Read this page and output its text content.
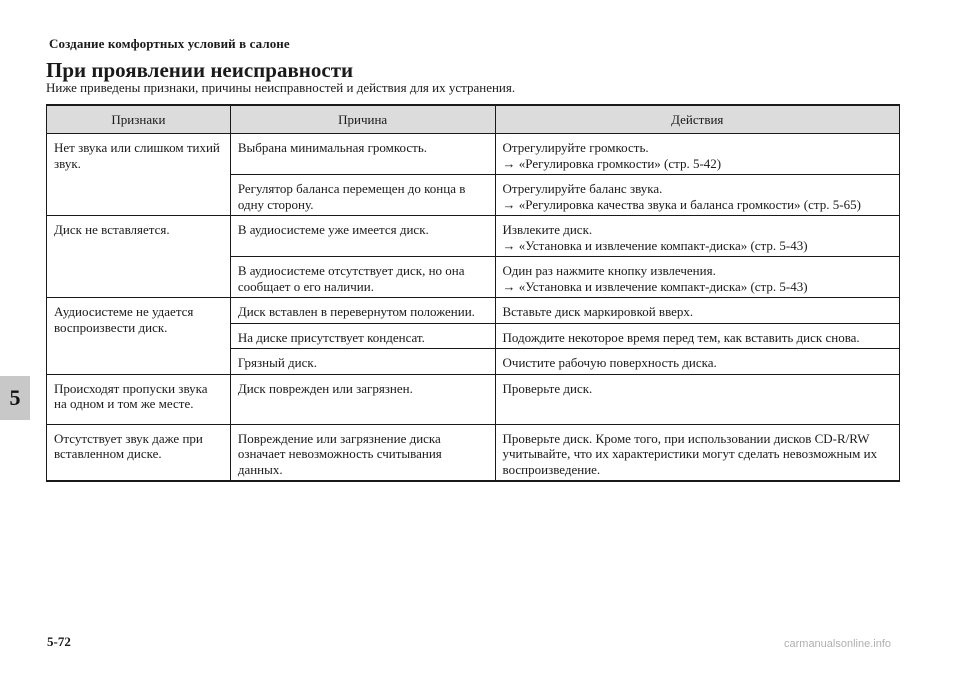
Создание комфортных условий в салоне
При проявлении неисправности

Ниже приведены признаки, причины неисправностей и действия для их устранения.

5
Признаки	Причина	Действия
Нет звука или слишком тихий звук.	Выбрана минимальная громкость.	Отрегулируйте громкость.
→ «Регулировка громкости» (стр. 5-42)

	Регулятор баланса перемещен до конца в одну сторону.	Отрегулируйте баланс звука.
→ «Регулировка качества звука и баланса громкости» (стр. 5-65)

Диск не вставляется.	В аудиосистеме уже имеется диск.	Извлеките диск.
→ «Установка и извлечение компакт-диска» (стр. 5-43)

	В аудиосистеме отсутствует диск, но она сообщает о его наличии.	Один раз нажмите кнопку извлечения.
→ «Установка и извлечение компакт-диска» (стр. 5-43)

Аудиосистеме не удается воспроизвести диск.	Диск вставлен в перевернутом положении.	Вставьте диск маркировкой вверх.
	На диске присутствует конденсат.	Подождите некоторое время перед тем, как вставить диск снова.
	Грязный диск.	Очистите рабочую поверхность диска.
Происходят пропуски звука на одном и том же месте.	Диск поврежден или загрязнен.	Проверьте диск.
Отсутствует звук даже при вставленном диске.	Повреждение или загрязнение диска означает невозможность считывания данных.	Проверьте диск. Кроме того, при использовании дисков CD-R/RW учитывайте, что их характеристики могут сделать невозможным их воспроизведение.
5-72	carmanualsonline.info
